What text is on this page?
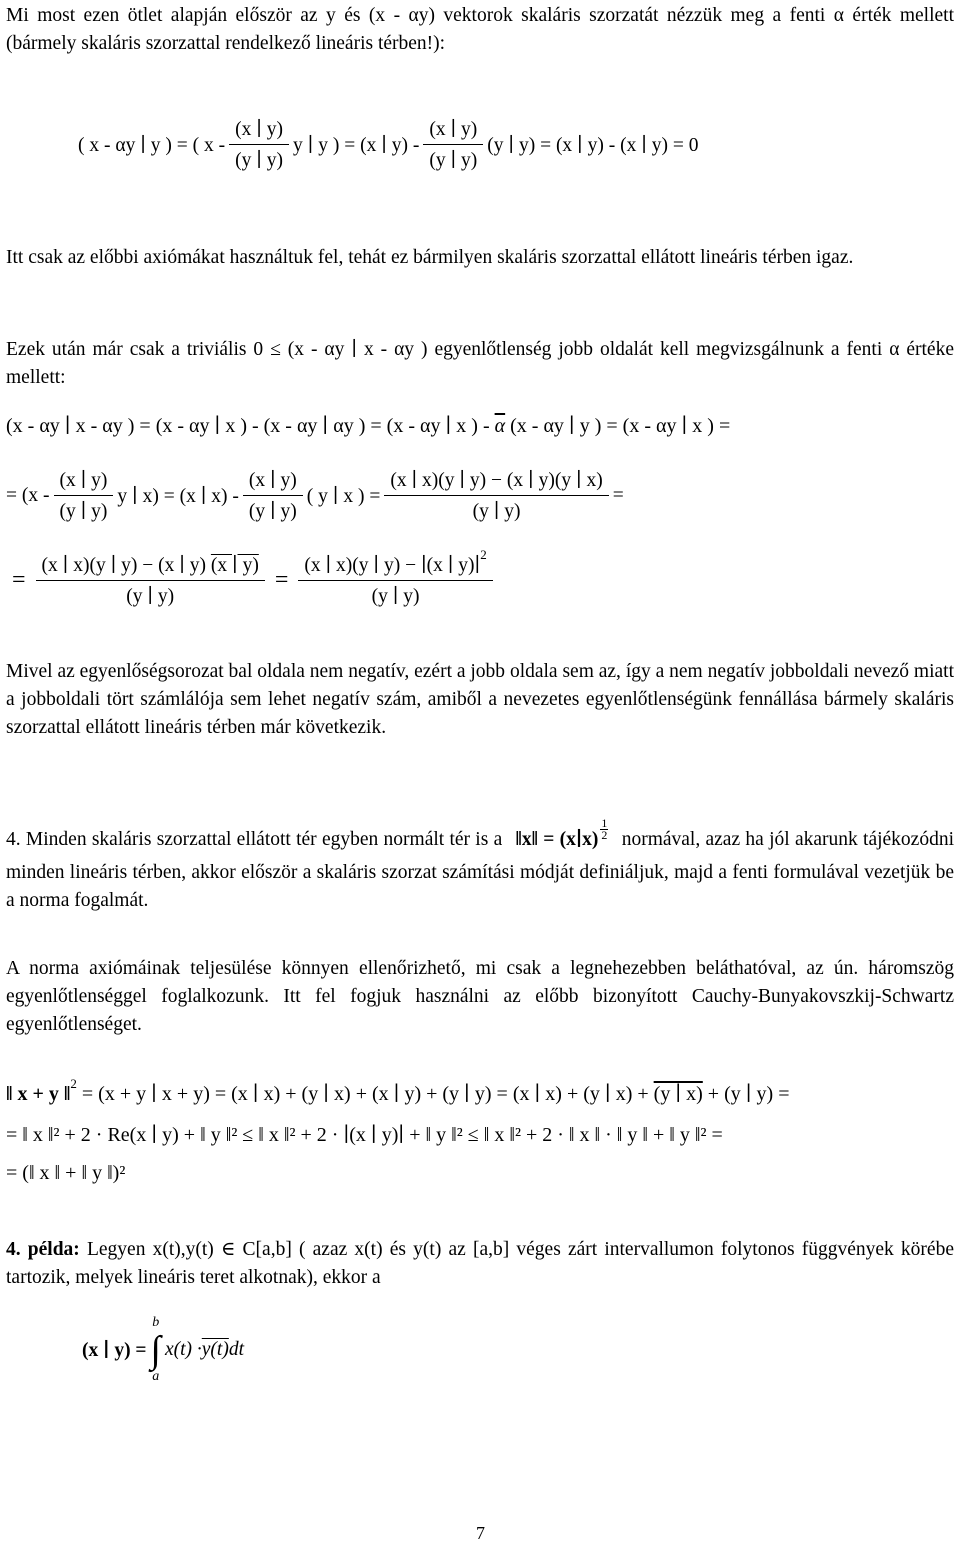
Mi most ezen ötlet alapján először az y és (x - αy) vektorok skaláris szorzatát nézzük meg a fenti α érték mellett (bármely skaláris szorzattal rendelkező lineáris térben!):

( x - αy ∣ y ) = ( x - $\frac{(x ∣ y)}{(y ∣ y)}$ y ∣ y ) = (x ∣ $y) - \frac{(x ∣ y)}{(y ∣ y)} (y$ ∣ y) = (x ∣ y) - (x ∣ y) = 0

Itt csak az előbbi axiómákat használtuk fel, tehát ez bármilyen skaláris szorzattal ellátott lineáris térben igaz.

Ezek után már csak a triviális 0 ≤ (x - αy ∣ x - αy ) egyenlőtlenség jobb oldalát kell megvizsgálnunk a fenti α értéke mellett:

(x - αy ∣ x - αy ) = (x - αy ∣ x ) - (x - αy ∣ αy ) = (x - αy ∣ x ) - $\overline{\alpha}$ (x - αy ∣ y ) = (x - αy ∣ x ) =
= ($x - \frac{(x ∣ y)}{(y ∣ y)}$ y ∣ x) = (x ∣ $x) - \frac{(x ∣ y)}{(y ∣ y)}$ ( y ∣ x ) = $\frac{(x ∣ x)(y ∣ y) - (x ∣ y)(y ∣ x)}{(y ∣ y)}$ =
= $\frac{(x ∣ x)(y ∣ y) - (x ∣ y) (x ∣ y)}{(y ∣ y)} = \frac{(x ∣ x)(y ∣ y) - ∣(x ∣ y)∣^2}{(y ∣ y)}$

Mivel az egyenlőségsorozat bal oldala nem negatív, ezért a jobb oldala sem az, így a nem negatív jobboldali nevező miatt a jobboldali tört számlálója sem lehet negatív szám, amiből a nevezetes egyenlőtlenségünk fennállása bármely skaláris szorzattal ellátott lineáris térben már következik.

4. Minden skaláris szorzattal ellátott tér egyben normált tér is a ‖x‖ = (x∣x) $\frac{1}{2}$ normával, azaz ha jól akarunk tájékozódni minden lineáris térben, akkor először a skaláris szorzat számítási módját definiáljuk, majd a fenti formulával vezetjük be a norma fogalmát.

A norma axiómáinak teljesülése könnyen ellenőrizhető, mi csak a legnehezebben beláthatóval, az ún. háromszög egyenlőtlenséggel foglalkozunk. Itt fel fogjuk használni az előbb bizonyított Cauchy-Bunyakovszkij-Schwartz egyenlőtlenséget.

‖ x + y ‖$^2$ = (x + y ∣ x + y) = (x ∣ x) + (y ∣ x) + (x ∣ y) + (y ∣ y) = (x ∣ x) + (y ∣ x) + (y ∣ x) + (y ∣ y) =
= ‖ x ‖² + 2 · Re(x ∣ y) + ‖ y ‖² ≤ ‖ x ‖² + 2 · ∣(x ∣ y)∣ + ‖ y ‖² ≤ ‖ x ‖² + 2 · ‖ x ‖ · ‖ y ‖ + ‖ y ‖² =
= (‖ x ‖ + ‖ y ‖)²

4. példa: Legyen x(t),y(t) ∈ C[a,b] ( azaz x(t) és y(t) az [a,b] véges zárt intervallumon folytonos függvények körébe tartozik, melyek lineáris teret alkotnak), ekkor a

(x ∣ y) =
b
∫
a
x(t) · y(t) dt
7
